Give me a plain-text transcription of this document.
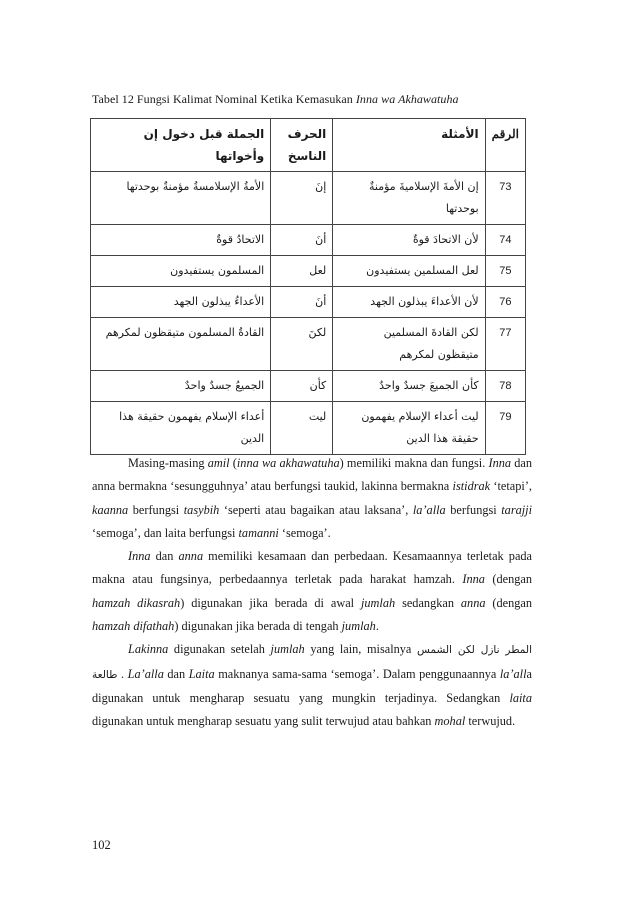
Tabel 12 Fungsi Kalimat Nominal Ketika Kemasukan Inna wa Akhawatuha
الرقم	الأمثلة	الحرف الناسخ	الجملة قبل دخول إن وأخواتها
73	إن الأمةَ الإسلاميةَ مؤمنةٌ بوحدتها	إنَ	الأمةُ الإسلامسةُ مؤمنةٌ بوحدتها
74	لأن الاتحادَ قوةٌ	أنَ	الاتحادُ قوةٌ
75	لعل المسلمين يستفيدون	لعل	المسلمون يستفيدون
76	لأن الأعداءَ يبذلون الجهد	أنَ	الأعداءُ يبذلون الجهد
77	لكن القادةَ المسلمين متيقظون لمكرهم	لكنَ	القادةُ المسلمون متيقظون لمكرهم
78	كأن الجميعَ جسدٌ واحدٌ	كأن	الجميعُ جسدٌ واحدٌ
79	ليت أعداء الإسلام يفهمون حقيقة هذا الدين	ليت	أعداء الإسلام يفهمون حقيقة هذا الدين

Masing-masing amil (inna wa akhawatuha) memiliki makna dan fungsi. Inna dan anna bermakna ‘sesungguhnya’ atau berfungsi taukid, lakinna bermakna istidrak ‘tetapi’, kaanna berfungsi tasybih ‘seperti atau bagaikan atau laksana’, la’alla berfungsi tarajji ‘semoga’, dan laita berfungsi tamanni ‘semoga’.

Inna dan anna memiliki kesamaan dan perbedaan. Kesamaannya terletak pada makna atau fungsinya, perbedaannya terletak pada harakat hamzah. Inna (dengan hamzah dikasrah) digunakan jika berada di awal jumlah sedangkan anna (dengan hamzah difathah) digunakan jika berada di tengah jumlah.

Lakinna digunakan setelah jumlah yang lain, misalnya المطر نازل لكن الشمس طالعة . La’alla dan Laita maknanya sama-sama ‘semoga’. Dalam penggunaannya la’alla digunakan untuk mengharap sesuatu yang mungkin terjadinya. Sedangkan laita digunakan untuk mengharap sesuatu yang sulit terwujud atau bahkan mohal terwujud.

102
